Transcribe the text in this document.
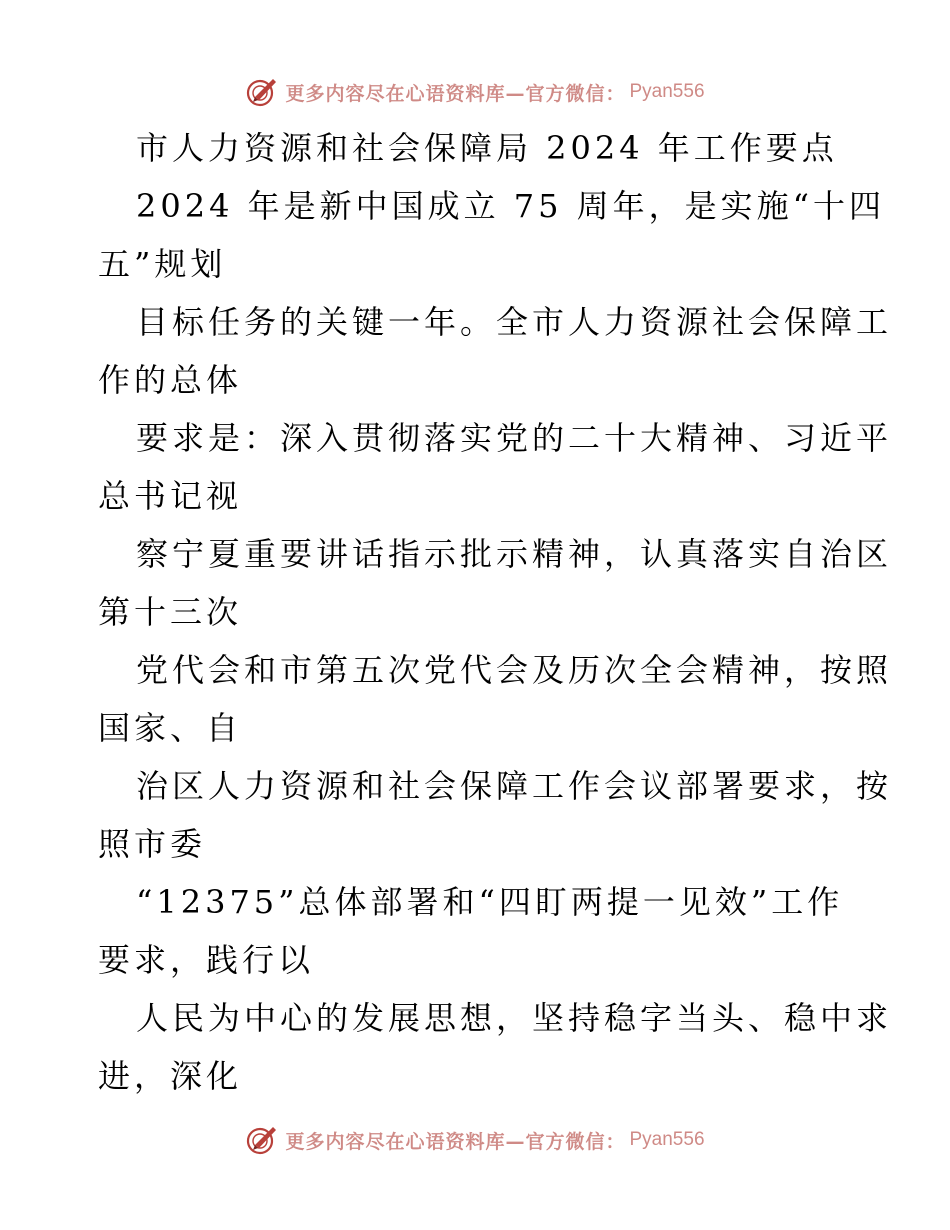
更多内容尽在心语资料库—官方微信： Pyan556
市人力资源和社会保障局 2024 年工作要点
2024 年是新中国成立 75 周年，是实施“十四
五”规划
目标任务的关键一年。全市人力资源社会保障工
作的总体
要求是：深入贯彻落实党的二十大精神、习近平
总书记视
察宁夏重要讲话指示批示精神，认真落实自治区
第十三次
党代会和市第五次党代会及历次全会精神，按照
国家、自
治区人力资源和社会保障工作会议部署要求，按
照市委
“12375”总体部署和“四盯两提一见效”工作
要求，践行以
人民为中心的发展思想，坚持稳字当头、稳中求
进，深化
更多内容尽在心语资料库—官方微信： Pyan556
